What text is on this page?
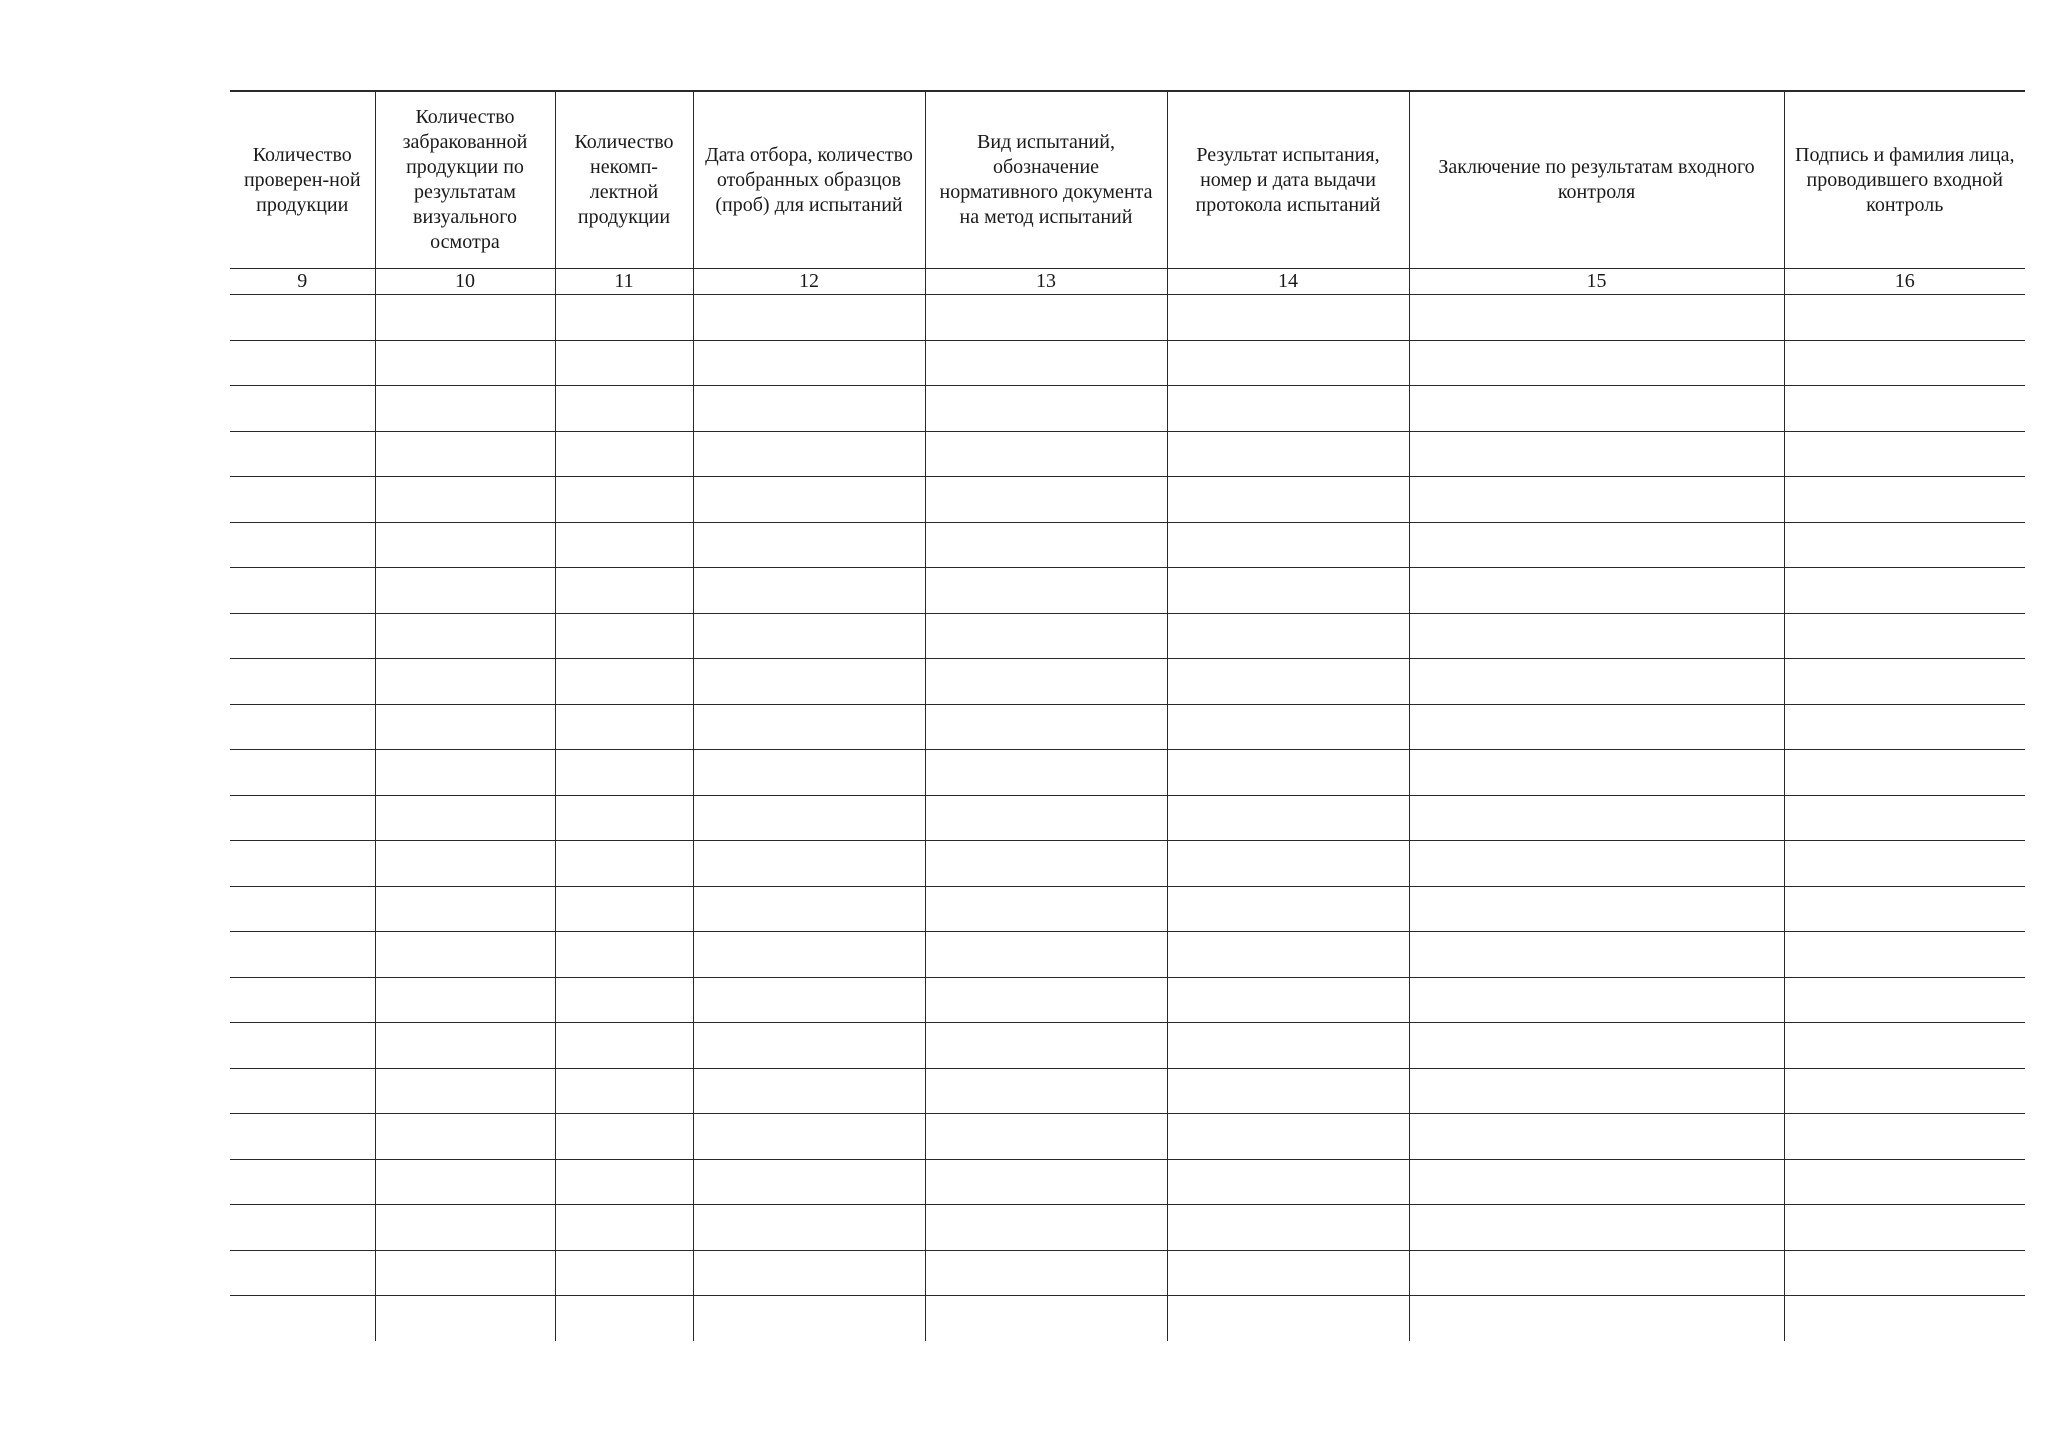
Количество проверен-ной продукции	Количество забракованной продукции по результатам визуального осмотра	Количество некомп-лектной продукции	Дата отбора, количество отобранных образцов (проб) для испытаний	Вид испытаний, обозначение нормативного документа на метод испытаний	Результат испытания, номер и дата выдачи протокола испытаний	Заключение по результатам входного контроля	Подпись и фамилия лица, проводившего входной контроль
9	10	11	12	13	14	15	16
